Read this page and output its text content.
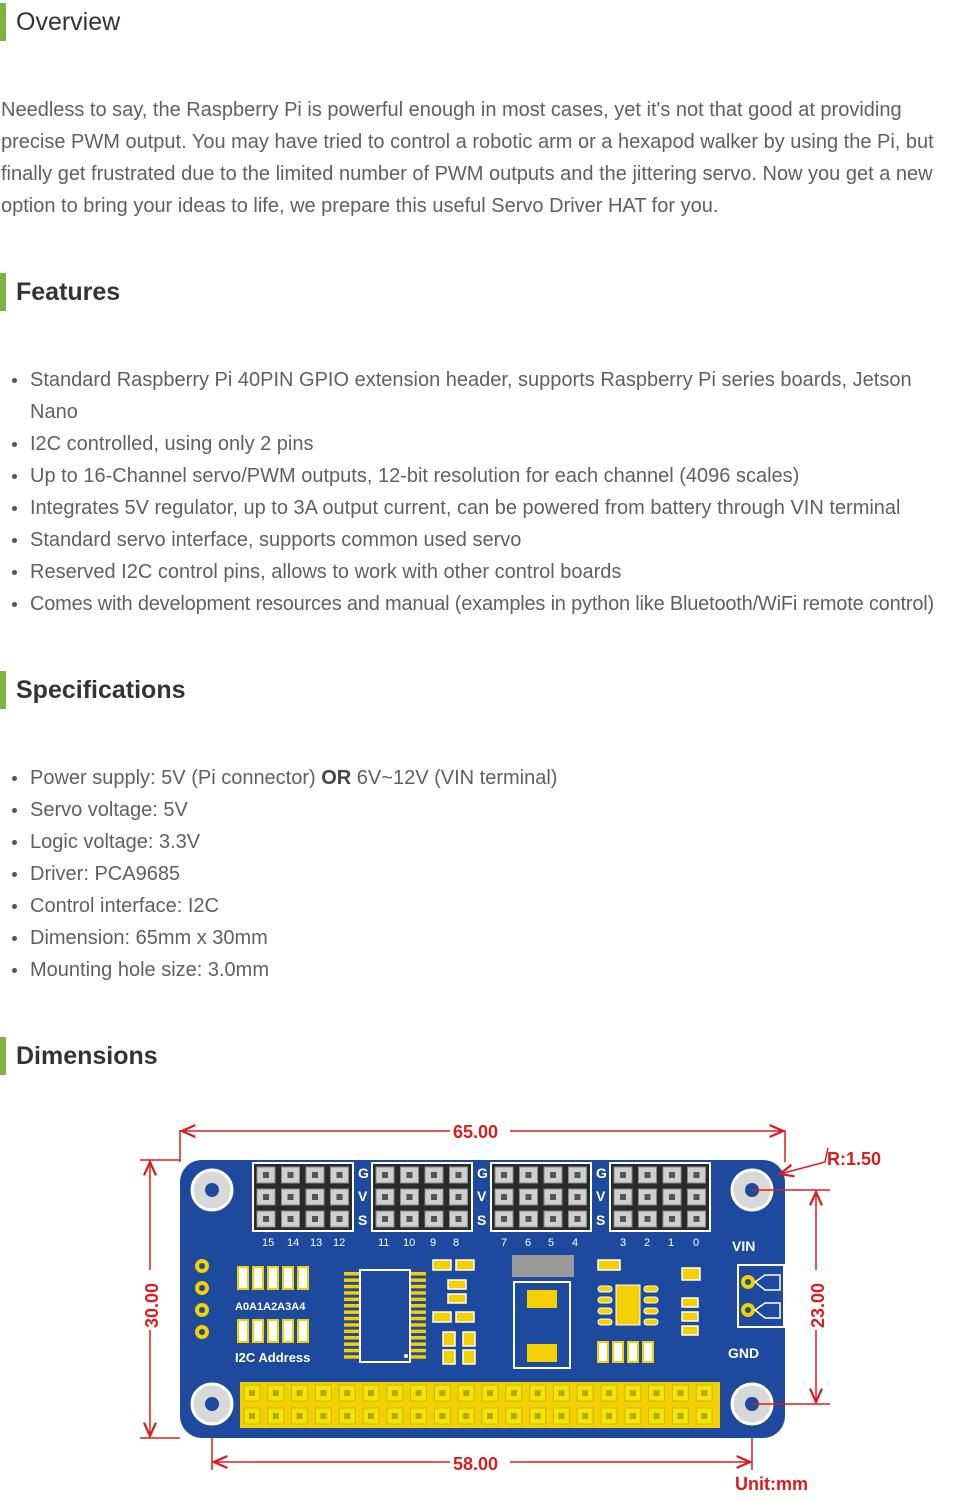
Overview

Needless to say, the Raspberry Pi is powerful enough in most cases, yet it's not that good at providing precise PWM output. You may have tried to control a robotic arm or a hexapod walker by using the Pi, but finally get frustrated due to the limited number of PWM outputs and the jittering servo. Now you get a new option to bring your ideas to life, we prepare this useful Servo Driver HAT for you.

Features
Standard Raspberry Pi 40PIN GPIO extension header, supports Raspberry Pi series boards, Jetson Nano
I2C controlled, using only 2 pins
Up to 16-Channel servo/PWM outputs, 12-bit resolution for each channel (4096 scales)
Integrates 5V regulator, up to 3A output current, can be powered from battery through VIN terminal
Standard servo interface, supports common used servo
Reserved I2C control pins, allows to work with other control boards
Comes with development resources and manual (examples in python like Bluetooth/WiFi remote control)
Specifications
Power supply: 5V (Pi connector) OR 6V~12V (VIN terminal)
Servo voltage: 5V
Logic voltage: 3.3V
Driver: PCA9685
Control interface: I2C
Dimension: 65mm x 30mm
Mounting hole size: 3.0mm
Dimensions
G
V
S
G
V
S
G
V
S
15 14 13 12	11 10 9 8	7 6 5 4	3 2 1 0
A0A1A2A3A4
I2C Address
VIN
GND
65.00
58.00
30.00	23.00
R:1.50
Unit:mm
